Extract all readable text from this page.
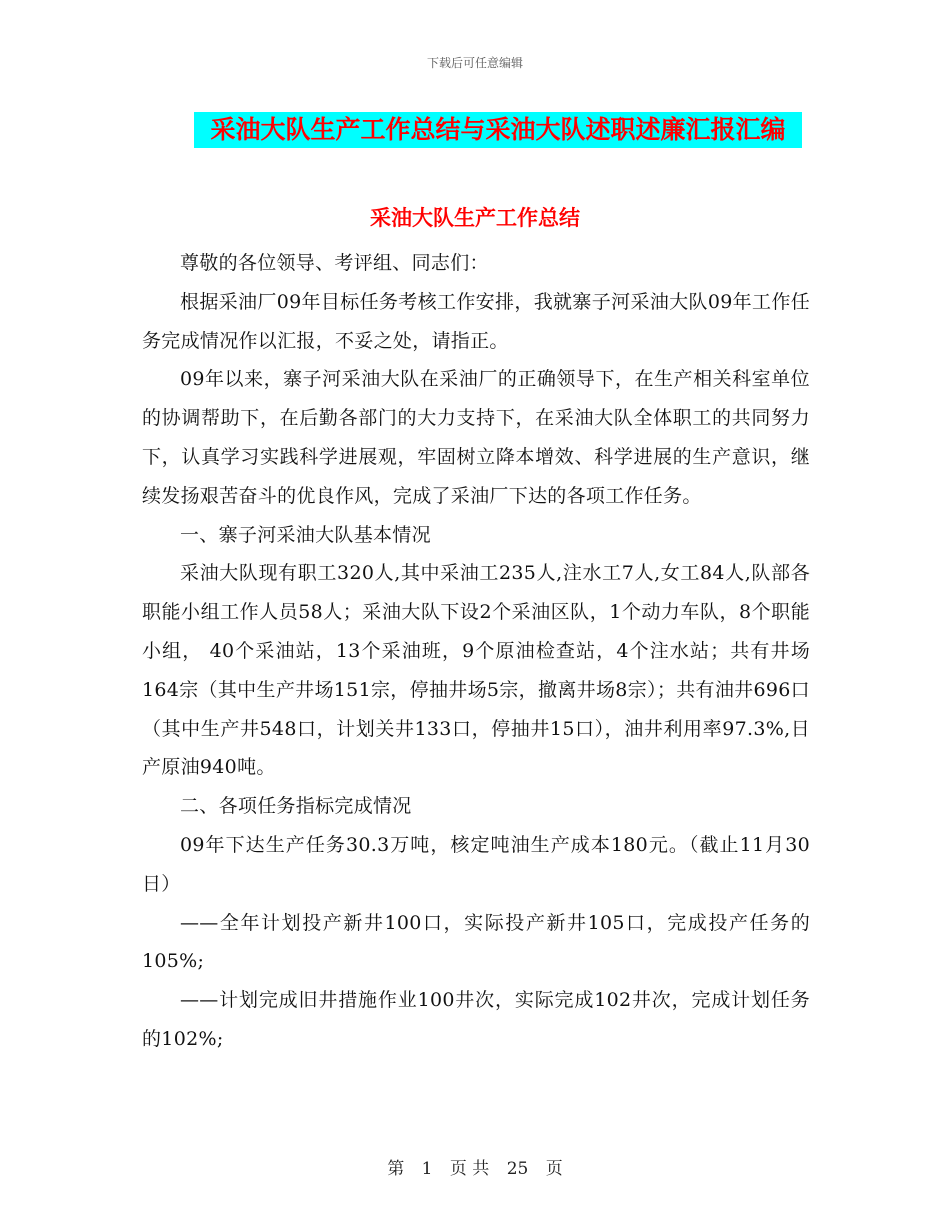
下载后可任意编辑
采油大队生产工作总结与采油大队述职述廉汇报汇编
采油大队生产工作总结

尊敬的各位领导、考评组、同志们：

根据采油厂09年目标任务考核工作安排，我就寨子河采油大队09年工作任务完成情况作以汇报，不妥之处，请指正。

09年以来，寨子河采油大队在采油厂的正确领导下，在生产相关科室单位的协调帮助下，在后勤各部门的大力支持下，在采油大队全体职工的共同努力下，认真学习实践科学进展观，牢固树立降本增效、科学进展的生产意识，继续发扬艰苦奋斗的优良作风，完成了采油厂下达的各项工作任务。

一、寨子河采油大队基本情况

采油大队现有职工320人,其中采油工235人,注水工7人,女工84人,队部各职能小组工作人员58人；采油大队下设2个采油区队，1个动力车队，8个职能小组， 40个采油站，13个采油班，9个原油检查站，4个注水站；共有井场164宗（其中生产井场151宗，停抽井场5宗，撤离井场8宗）；共有油井696口（其中生产井548口，计划关井133口，停抽井15口），油井利用率97.3%,日产原油940吨。

二、各项任务指标完成情况

09年下达生产任务30.3万吨，核定吨油生产成本180元。（截止11月30日）

——全年计划投产新井100口，实际投产新井105口，完成投产任务的105%;

——计划完成旧井措施作业100井次，实际完成102井次，完成计划任务的102%;

第 1 页 共 25 页
